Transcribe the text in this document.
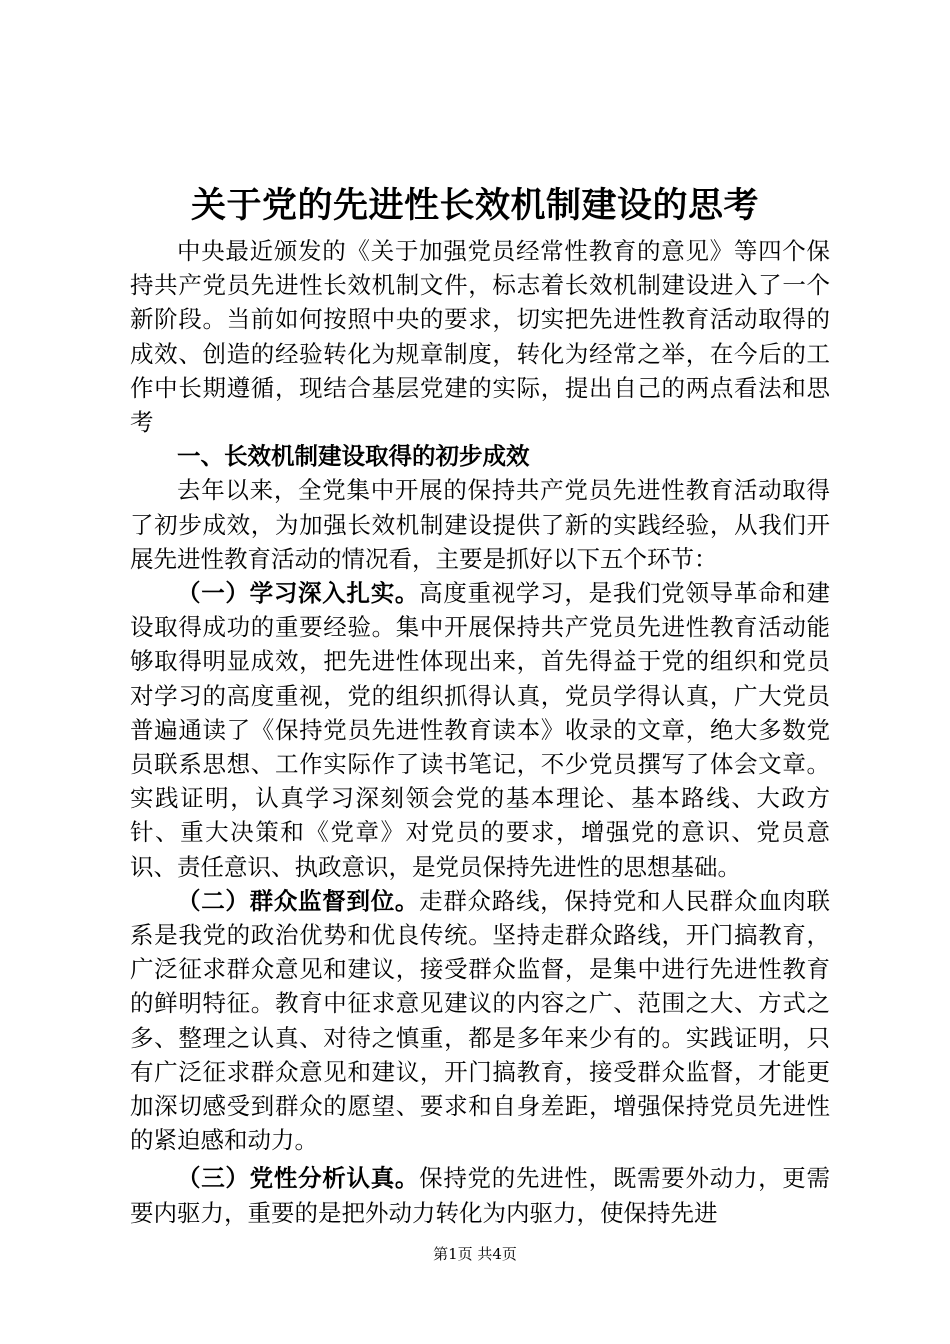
关于党的先进性长效机制建设的思考

中央最近颁发的《关于加强党员经常性教育的意见》等四个保持共产党员先进性长效机制文件，标志着长效机制建设进入了一个新阶段。当前如何按照中央的要求，切实把先进性教育活动取得的成效、创造的经验转化为规章制度，转化为经常之举，在今后的工作中长期遵循，现结合基层党建的实际，提出自己的两点看法和思考

一、长效机制建设取得的初步成效

去年以来，全党集中开展的保持共产党员先进性教育活动取得了初步成效，为加强长效机制建设提供了新的实践经验，从我们开展先进性教育活动的情况看，主要是抓好以下五个环节：

（一）学习深入扎实。高度重视学习，是我们党领导革命和建设取得成功的重要经验。集中开展保持共产党员先进性教育活动能够取得明显成效，把先进性体现出来，首先得益于党的组织和党员对学习的高度重视，党的组织抓得认真，党员学得认真，广大党员普遍通读了《保持党员先进性教育读本》收录的文章，绝大多数党员联系思想、工作实际作了读书笔记，不少党员撰写了体会文章。实践证明，认真学习深刻领会党的基本理论、基本路线、大政方针、重大决策和《党章》对党员的要求，增强党的意识、党员意识、责任意识、执政意识，是党员保持先进性的思想基础。

（二）群众监督到位。走群众路线，保持党和人民群众血肉联系是我党的政治优势和优良传统。坚持走群众路线，开门搞教育，广泛征求群众意见和建议，接受群众监督，是集中进行先进性教育的鲜明特征。教育中征求意见建议的内容之广、范围之大、方式之多、整理之认真、对待之慎重，都是多年来少有的。实践证明，只有广泛征求群众意见和建议，开门搞教育，接受群众监督，才能更加深切感受到群众的愿望、要求和自身差距，增强保持党员先进性的紧迫感和动力。

（三）党性分析认真。保持党的先进性，既需要外动力，更需要内驱力，重要的是把外动力转化为内驱力，使保持先进

第1页 共4页
